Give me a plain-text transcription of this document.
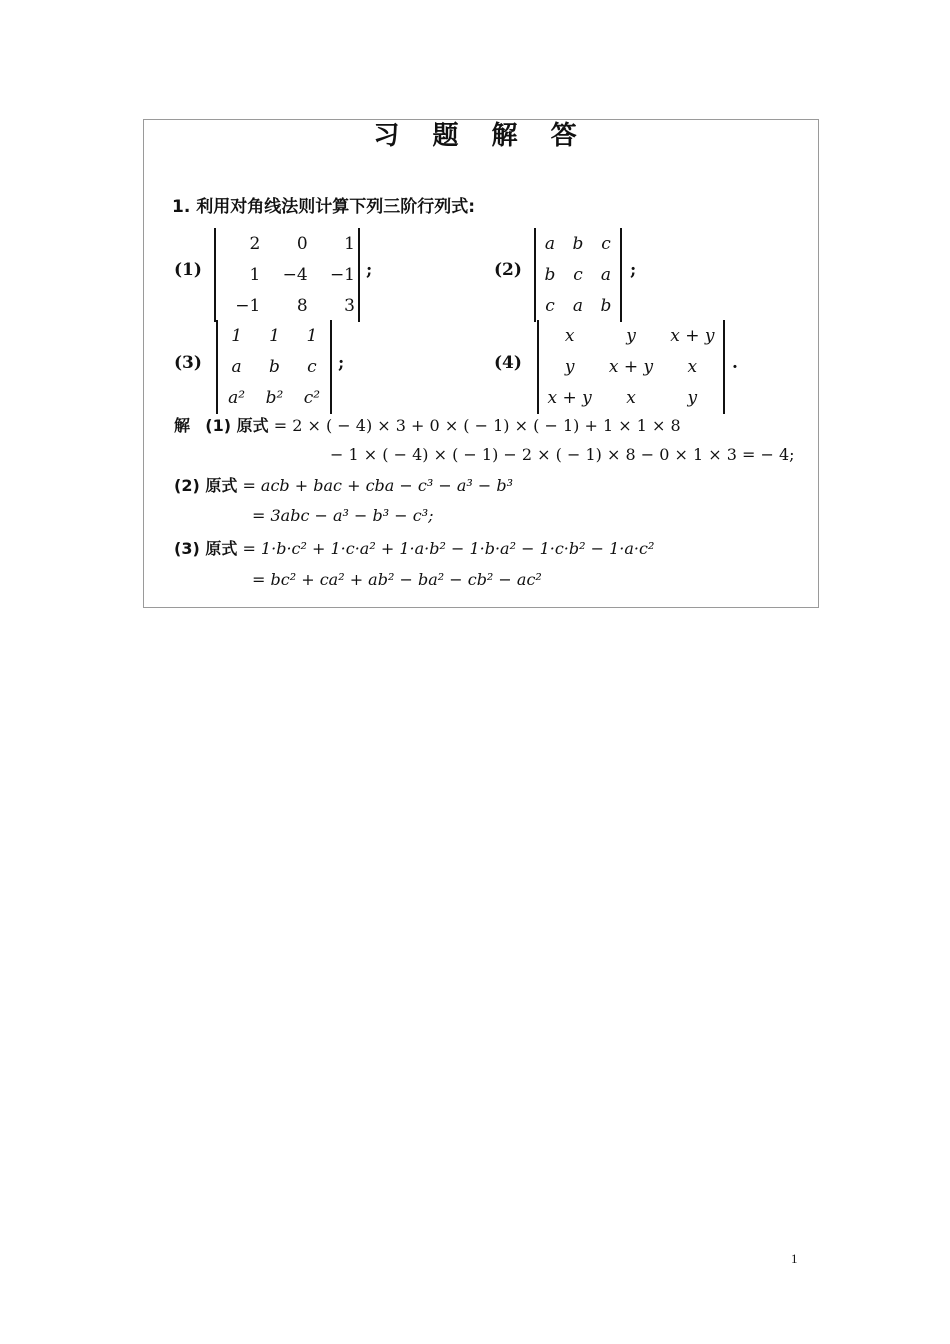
习 题 解 答
1. 利用对角线法则计算下列三阶行列式:
(1)
2	0	1
1	−4	−1
−1	8	3
;	(2)
a	b	c
b	c	a
c	a	b
;
(3)
1	1	1
a	b	c
a²	b²	c²
;	(4)
x	y	x + y
y	x + y	x
x + y	x	y
.
解 (1) 原式 = 2 × ( − 4) × 3 + 0 × ( − 1) × ( − 1) + 1 × 1 × 8
− 1 × ( − 4) × ( − 1) − 2 × ( − 1) × 8 − 0 × 1 × 3 = − 4;
(2) 原式 = acb + bac + cba − c³ − a³ − b³
= 3abc − a³ − b³ − c³;
(3) 原式 = 1·b·c² + 1·c·a² + 1·a·b² − 1·b·a² − 1·c·b² − 1·a·c²
= bc² + ca² + ab² − ba² − cb² − ac²
1
